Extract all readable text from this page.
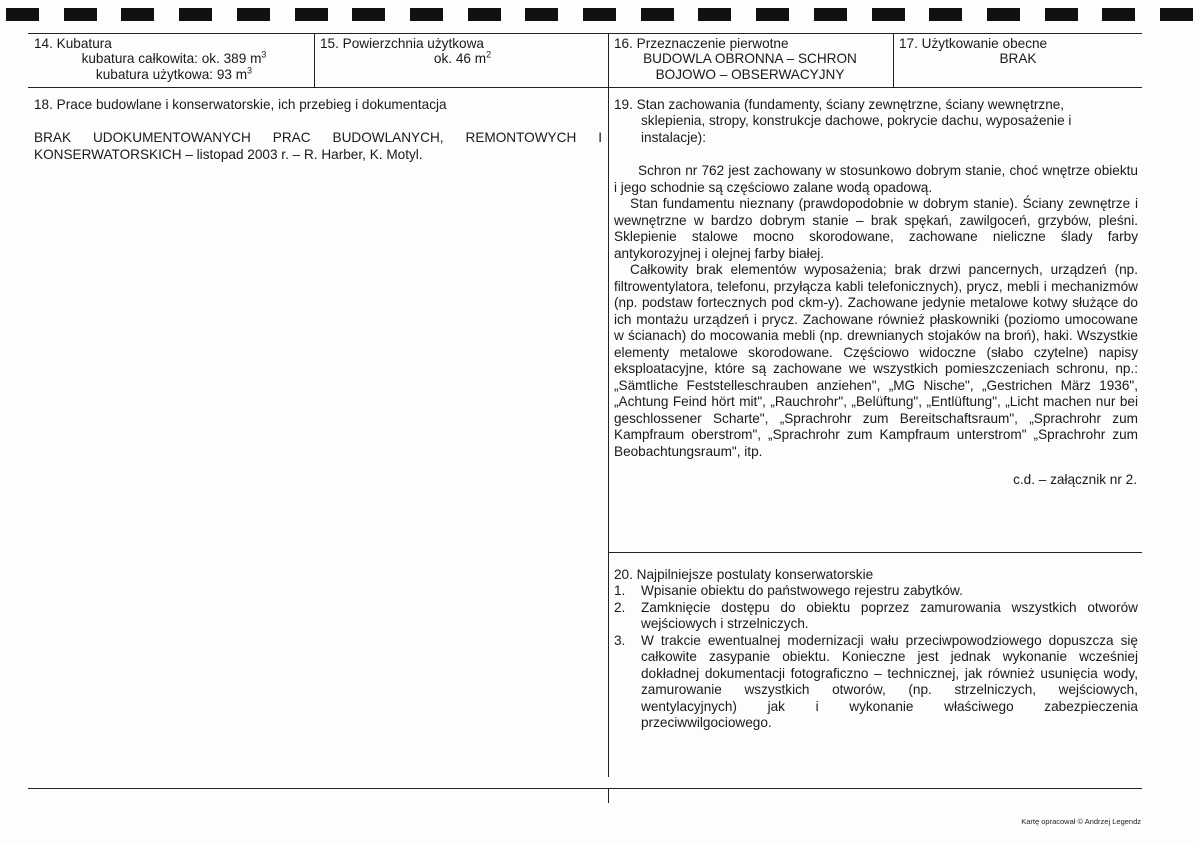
14. Kubatura
kubatura całkowita: ok. 389 $m^3$
kubatura użytkowa: 93 $m^3$
15. Powierzchnia użytkowa
ok. 46 $m^2$
16. Przeznaczenie pierwotne
BUDOWLA OBRONNA – SCHRON
BOJOWO – OBSERWACYJNY
17. Użytkowanie obecne
BRAK
18. Prace budowlane i konserwatorskie, ich przebieg i dokumentacja
BRAK UDOKUMENTOWANYCH PRAC BUDOWLANYCH, REMONTOWYCH I
KONSERWATORSKICH – listopad 2003 r. – R. Harber, K. Motyl.
19. Stan zachowania (fundamenty, ściany zewnętrzne, ściany wewnętrzne,
sklepienia, stropy, konstrukcje dachowe, pokrycie dachu, wyposażenie i
instalacje):

Schron nr 762 jest zachowany w stosunkowo dobrym stanie, choć wnętrze obiektu i jego schodnie są częściowo zalane wodą opadową.

Stan fundamentu nieznany (prawdopodobnie w dobrym stanie). Ściany zewnętrze i wewnętrzne w bardzo dobrym stanie – brak spękań, zawilgoceń, grzybów, pleśni. Sklepienie stalowe mocno skorodowane, zachowane nieliczne ślady farby antykorozyjnej i olejnej farby białej.

Całkowity brak elementów wyposażenia; brak drzwi pancernych, urządzeń (np. filtrowentylatora, telefonu, przyłącza kabli telefonicznych), prycz, mebli i mechanizmów (np. podstaw fortecznych pod ckm-y). Zachowane jedynie metalowe kotwy służące do ich montażu urządzeń i prycz. Zachowane również płaskowniki (poziomo umocowane w ścianach) do mocowania mebli (np. drewnianych stojaków na broń), haki. Wszystkie elementy metalowe skorodowane. Częściowo widoczne (słabo czytelne) napisy eksploatacyjne, które są zachowane we wszystkich pomieszczeniach schronu, np.: „Sämtliche Feststelleschrauben anziehen", „MG Nische", „Gestrichen März 1936",„Achtung Feind hört mit", „Rauchrohr", „Belüftung", „Entlüftung", „Licht machen nur bei geschlossener Scharte", „Sprachrohr zum Bereitschaftsraum", „Sprachrohr zum Kampfraum oberstrom", „Sprachrohr zum Kampfraum unterstrom" „Sprachrohr zum Beobachtungsraum", itp.

c.d. – załącznik nr 2.
20. Najpilniejsze postulaty konserwatorskie
1. Wpisanie obiektu do państwowego rejestru zabytków.
2. Zamknięcie dostępu do obiektu poprzez zamurowania wszystkich otworów wejściowych i strzelniczych.
3. W trakcie ewentualnej modernizacji wału przeciwpowodziowego dopuszcza się całkowite zasypanie obiektu. Konieczne jest jednak wykonanie wcześniej dokładnej dokumentacji fotograficzno – technicznej, jak również usunięcia wody, zamurowanie wszystkich otworów, (np. strzelniczych, wejściowych, wentylacyjnych) jak i wykonanie właściwego zabezpieczenia przeciwwilgociowego.
Kartę opracował © Andrzej Legendz
